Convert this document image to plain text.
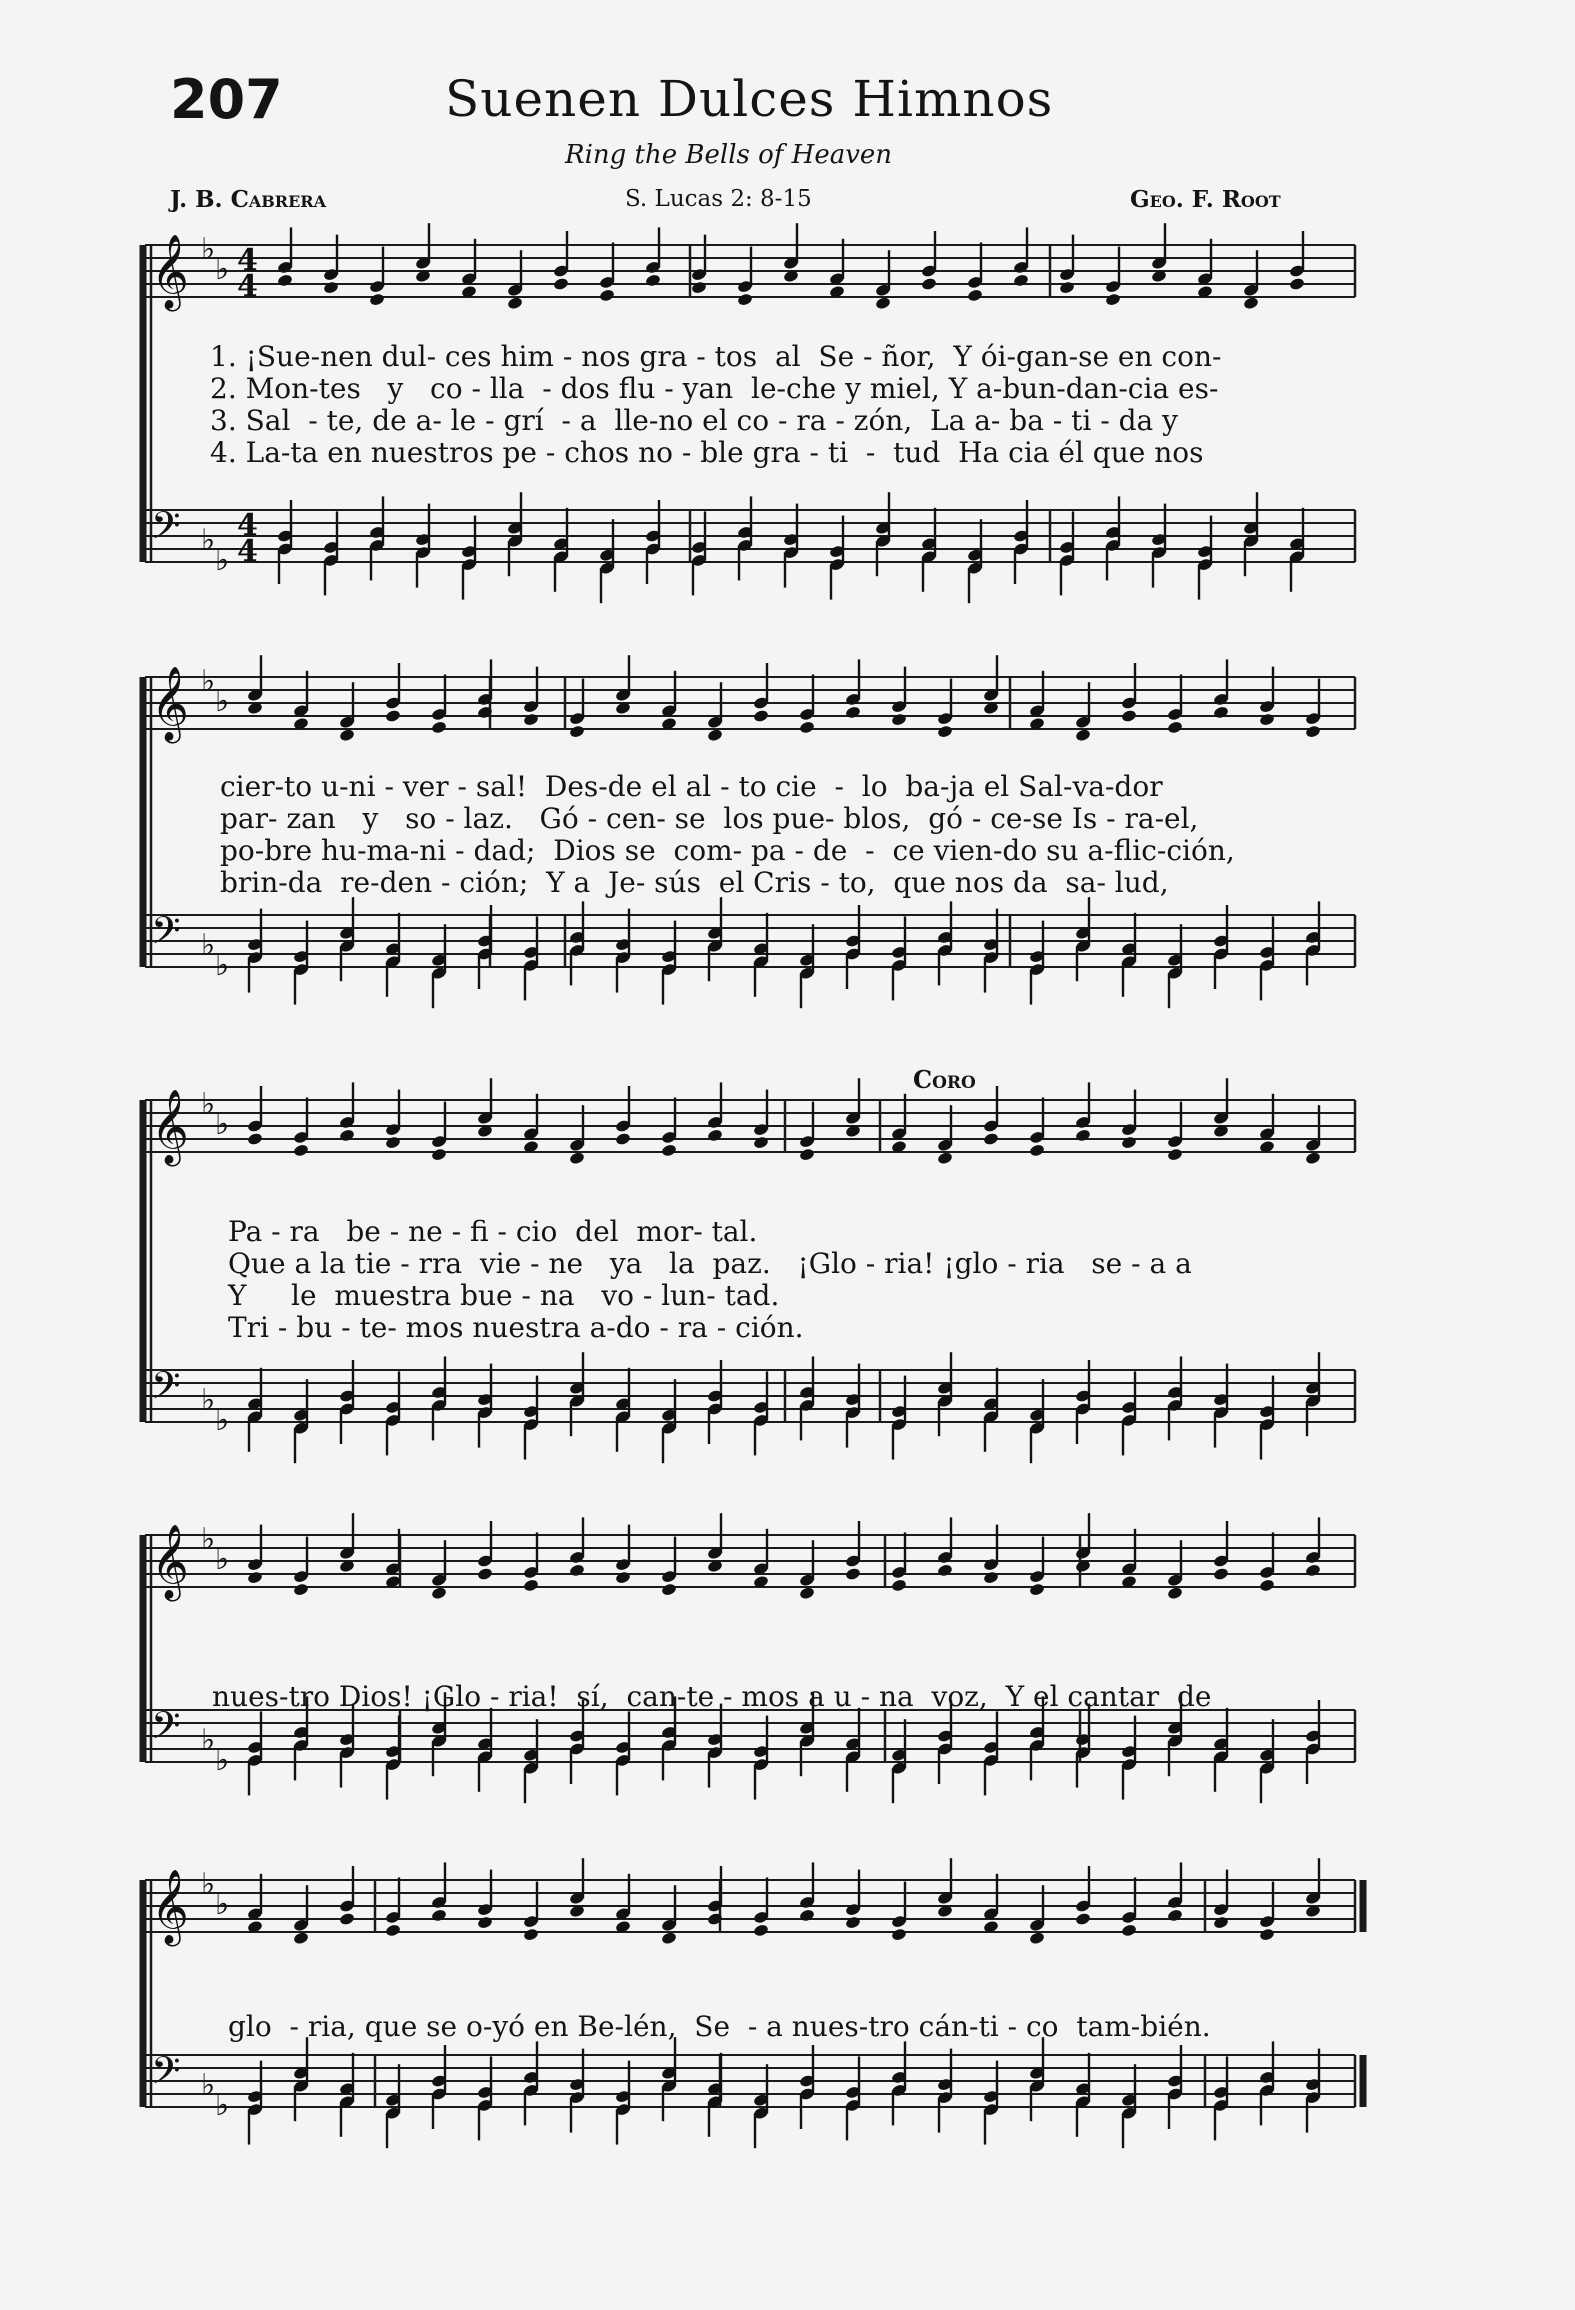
207	Suenen Dulces Himnos
Ring the Bells of Heaven
J. B. Cabrera	S. Lucas 2: 8-15	Geo. F. Root
𝄞 ♭
♭ 4
4
𝄢 ♭
♭
4
4
𝄞 ♭
♭
𝄢 ♭
♭
𝄞 ♭
♭
𝄢 ♭
♭
𝄞 ♭
♭
𝄢 ♭
♭
𝄞 ♭
♭
𝄢 ♭
♭
1. ¡Sue-nen dul- ces him - nos gra - tos  al  Se - ñor,  Y ói-gan-se en con-
2. Mon-tes   y   co - lla  - dos flu - yan  le-che y miel, Y a-bun-dan-cia es-
3. Sal  - te, de a- le - grí  - a  lle-no el co - ra - zón,  La a- ba - ti - da y
4. La-ta en nuestros pe - chos no - ble gra - ti  -  tud  Ha cia él que nos
cier-to u-ni - ver - sal!  Des-de el al - to cie  -  lo  ba-ja el Sal-va-dor
par- zan   y   so - laz.   Gó - cen- se  los pue- blos,  gó - ce-se Is - ra-el,
po-bre hu-ma-ni - dad;  Dios se  com- pa - de  -  ce vien-do su a-flic-ción,
brin-da  re-den - ción;  Y a  Je- sús  el Cris - to,  que nos da  sa- lud,
Coro
Pa - ra   be - ne - fi - cio  del  mor- tal.
Que a la tie - rra  vie - ne   ya   la  paz.   ¡Glo - ria! ¡glo - ria   se - a a
Y     le  muestra bue - na   vo - lun- tad.
Tri - bu - te- mos nuestra a-do - ra - ción.
nues-tro Dios! ¡Glo - ria!  sí,  can-te - mos a u - na  voz,  Y el cantar  de
glo  - ria, que se o-yó en Be-lén,  Se  - a nues-tro cán-ti - co  tam-bién.
